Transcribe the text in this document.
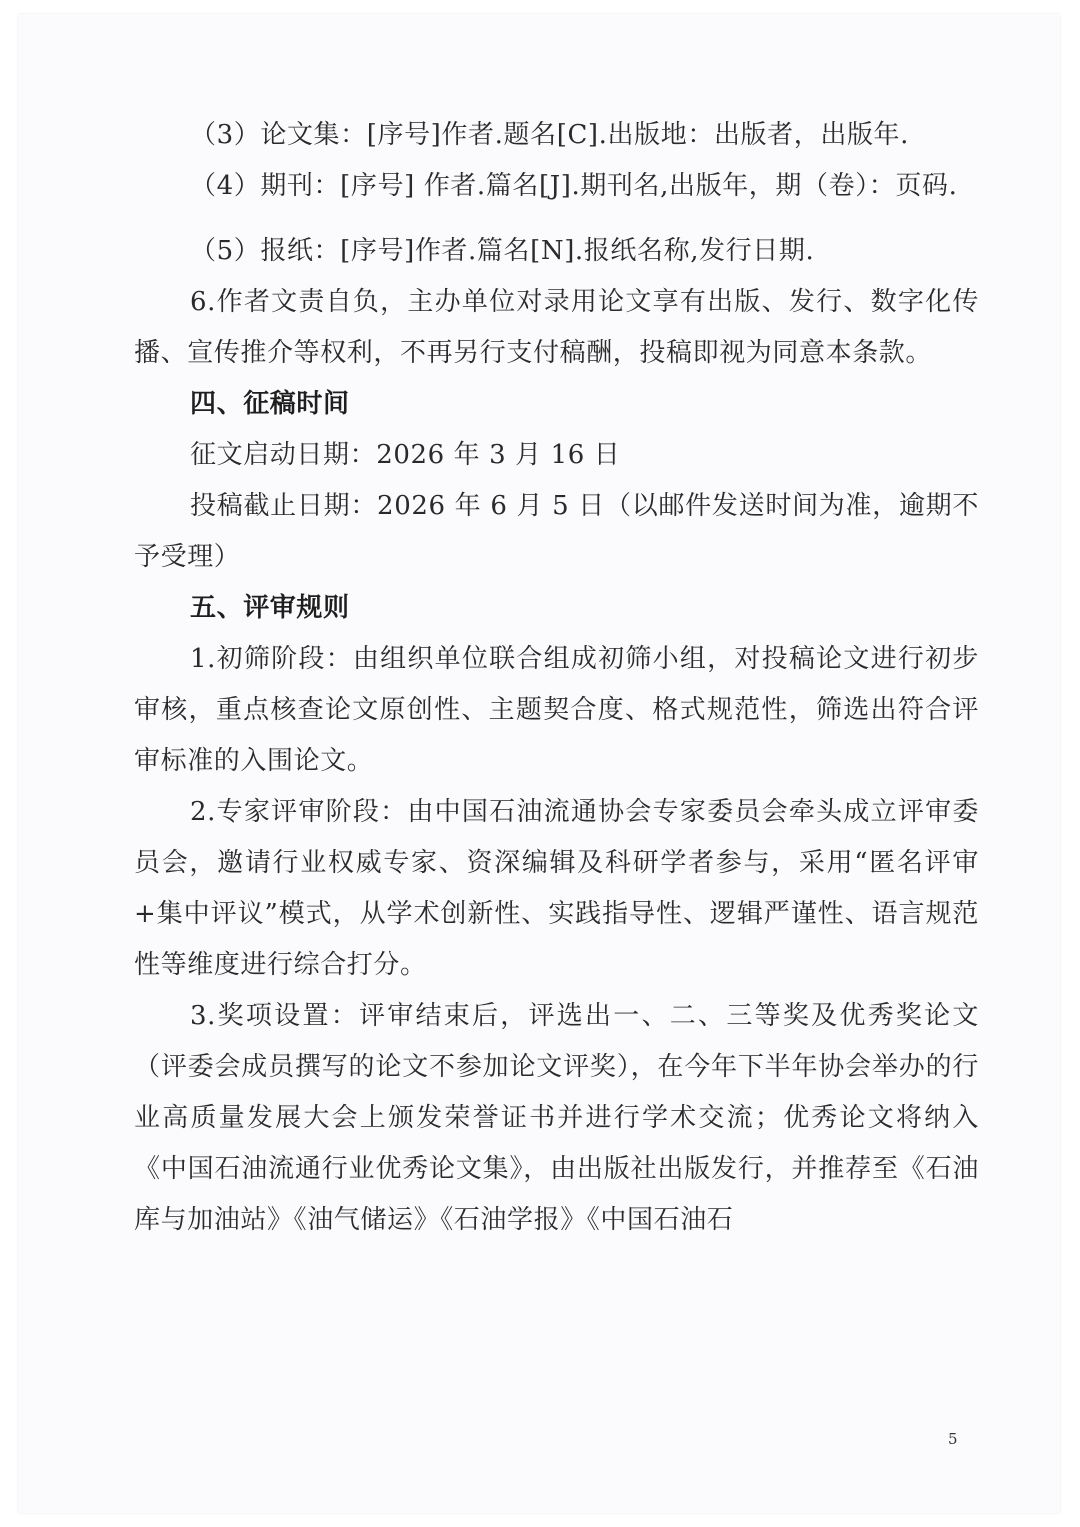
（3）论文集：[序号]作者.题名[C].出版地：出版者，出版年.

（4）期刊：[序号] 作者.篇名[J].期刊名,出版年，期（卷）：页码.

（5）报纸：[序号]作者.篇名[N].报纸名称,发行日期.

6.作者文责自负，主办单位对录用论文享有出版、发行、数字化传播、宣传推介等权利，不再另行支付稿酬，投稿即视为同意本条款。

四、征稿时间

征文启动日期：2026 年 3 月 16 日

投稿截止日期：2026 年 6 月 5 日（以邮件发送时间为准，逾期不予受理）

五、评审规则

1.初筛阶段：由组织单位联合组成初筛小组，对投稿论文进行初步审核，重点核查论文原创性、主题契合度、格式规范性，筛选出符合评审标准的入围论文。

2.专家评审阶段：由中国石油流通协会专家委员会牵头成立评审委员会，邀请行业权威专家、资深编辑及科研学者参与，采用“匿名评审+集中评议”模式，从学术创新性、实践指导性、逻辑严谨性、语言规范性等维度进行综合打分。

3.奖项设置：评审结束后，评选出一、二、三等奖及优秀奖论文（评委会成员撰写的论文不参加论文评奖），在今年下半年协会举办的行业高质量发展大会上颁发荣誉证书并进行学术交流；优秀论文将纳入《中国石油流通行业优秀论文集》，由出版社出版发行，并推荐至《石油库与加油站》《油气储运》《石油学报》《中国石油石

5
